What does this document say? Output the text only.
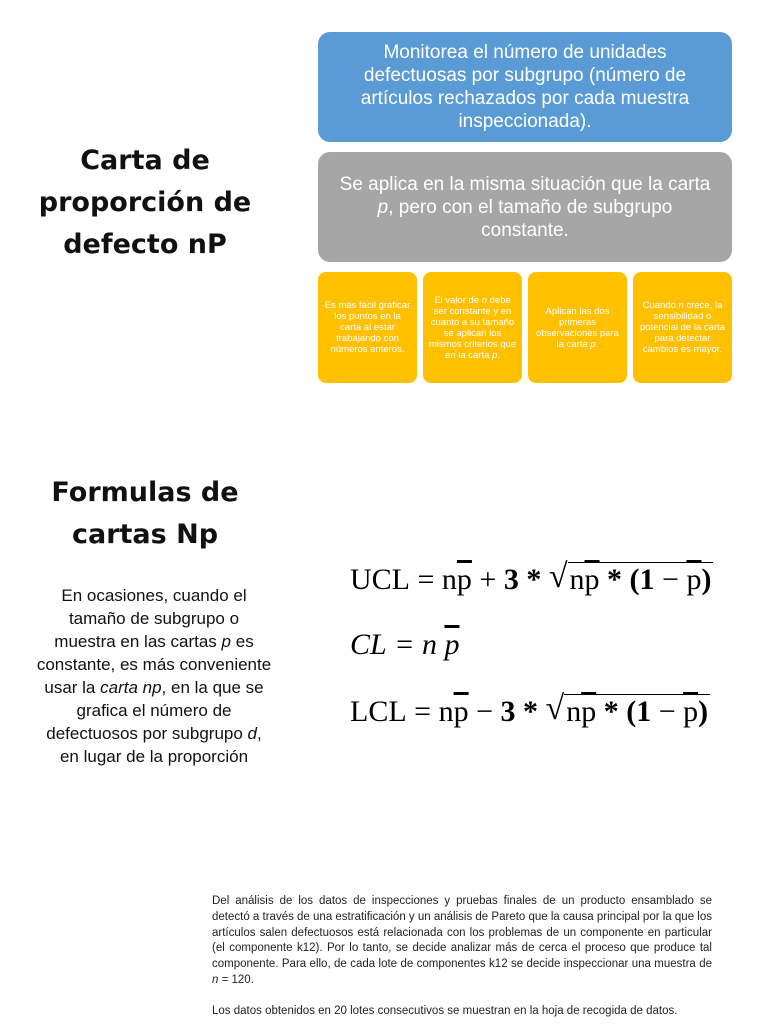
Carta de proporción de defecto nP
Formulas de cartas Np
Monitorea el número de unidades defectuosas por subgrupo (número de artículos rechazados por cada muestra inspeccionada).
Se aplica en la misma situación que la carta p, pero con el tamaño de subgrupo constante.
Es más fácil graficar los puntos en la carta al estar trabajando con números enteros.
El valor de n debe ser constante y en cuanto a su tamaño se aplican los mismos criterios que en la carta p.
Aplican las dos primeras observaciones para la carta p.
Cuando n crece, la sensibilidad o potencial de la carta para detectar cambios es mayor.
En ocasiones, cuando el tamaño de subgrupo o muestra en las cartas p es constante, es más conveniente usar la carta np, en la que se grafica el número de defectuosos por subgrupo d, en lugar de la proporción
UCL
=
n $\overline{p}$
+
3
*
√ $n\overline{p} * (1 - \overline{p})$
CL
=
n
$\overline{p}$
LCL
=
n $\overline{p}$
−
3
*
√ $n\overline{p} * (1 - \overline{p})$

Del análisis de los datos de inspecciones y pruebas finales de un producto ensamblado se detectó a través de una estratificación y un análisis de Pareto que la causa principal por la que los artículos salen defectuosos está relacionada con los problemas de un componente en particular (el componente k12). Por lo tanto, se decide analizar más de cerca el proceso que produce tal componente. Para ello, de cada lote de componentes k12 se decide inspeccionar una muestra de n = 120.

Los datos obtenidos en 20 lotes consecutivos se muestran en la hoja de recogida de datos.
